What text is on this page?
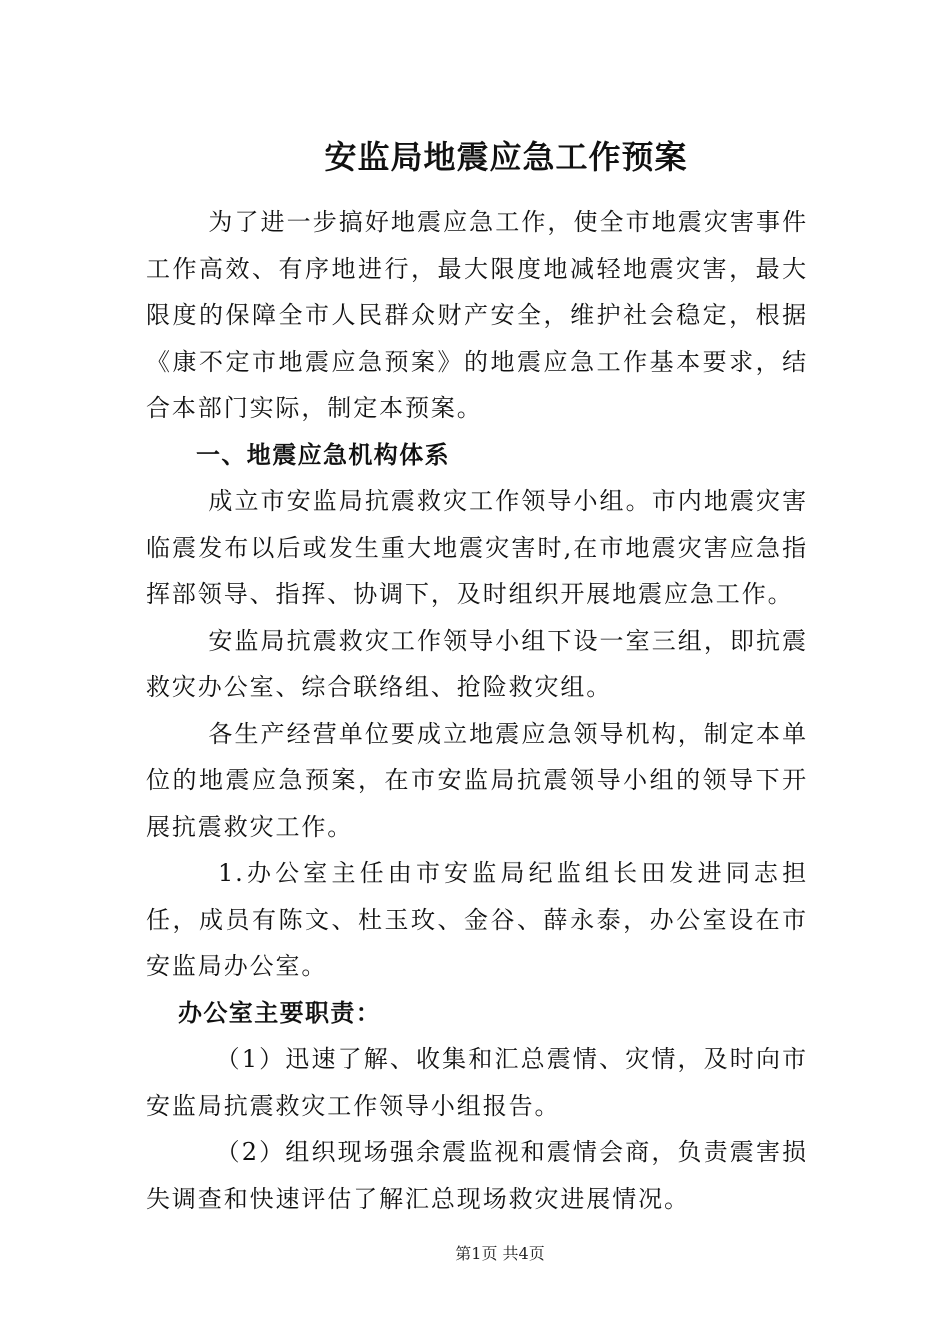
安监局地震应急工作预案

为了进一步搞好地震应急工作，使全市地震灾害事件工作高效、有序地进行，最大限度地减轻地震灾害，最大限度的保障全市人民群众财产安全，维护社会稳定，根据《康不定市地震应急预案》的地震应急工作基本要求，结合本部门实际，制定本预案。

一、地震应急机构体系

成立市安监局抗震救灾工作领导小组。市内地震灾害临震发布以后或发生重大地震灾害时,在市地震灾害应急指挥部领导、指挥、协调下，及时组织开展地震应急工作。

安监局抗震救灾工作领导小组下设一室三组，即抗震救灾办公室、综合联络组、抢险救灾组。

各生产经营单位要成立地震应急领导机构，制定本单位的地震应急预案，在市安监局抗震领导小组的领导下开展抗震救灾工作。

1.办公室主任由市安监局纪监组长田发进同志担任，成员有陈文、杜玉玫、金谷、薛永泰，办公室设在市安监局办公室。

办公室主要职责：

（1）迅速了解、收集和汇总震情、灾情，及时向市安监局抗震救灾工作领导小组报告。

（2）组织现场强余震监视和震情会商，负责震害损失调查和快速评估了解汇总现场救灾进展情况。

第1页 共4页
